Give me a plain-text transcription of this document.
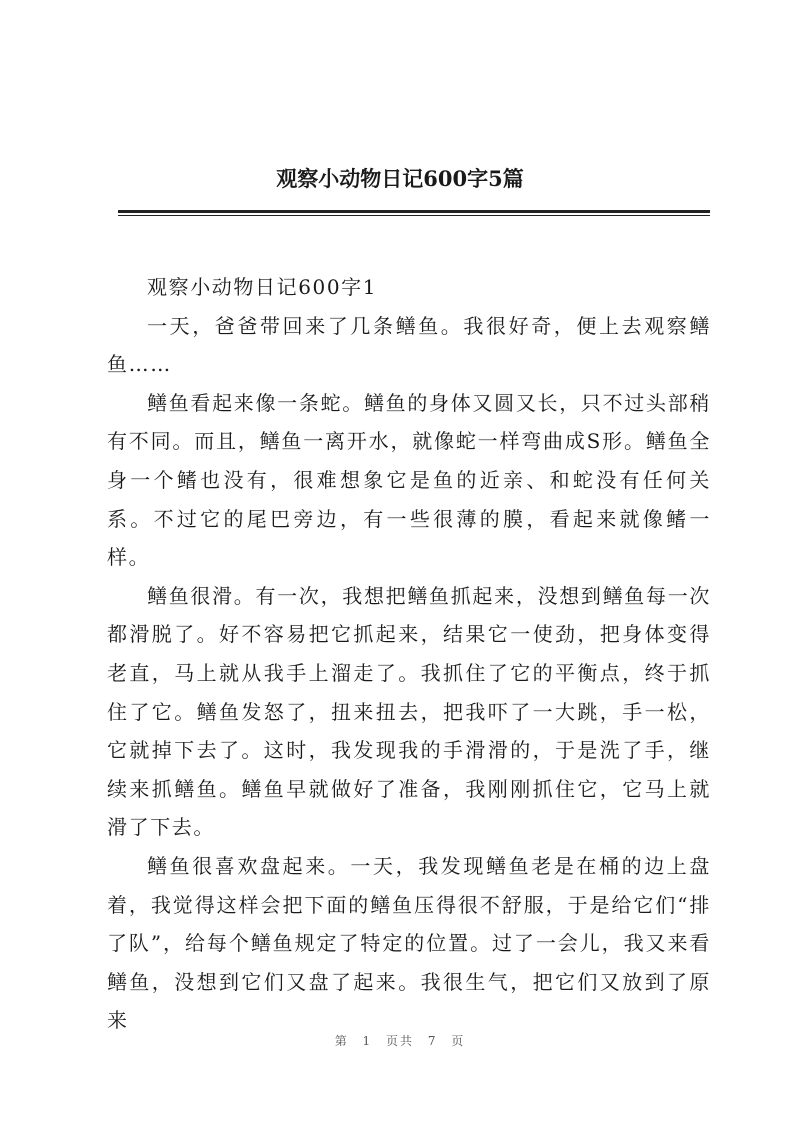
观察小动物日记600字5篇

观察小动物日记600字1

一天，爸爸带回来了几条鳝鱼。我很好奇，便上去观察鳝鱼……

鳝鱼看起来像一条蛇。鳝鱼的身体又圆又长，只不过头部稍有不同。而且，鳝鱼一离开水，就像蛇一样弯曲成S形。鳝鱼全身一个鳍也没有，很难想象它是鱼的近亲、和蛇没有任何关系。不过它的尾巴旁边，有一些很薄的膜，看起来就像鳍一样。

鳝鱼很滑。有一次，我想把鳝鱼抓起来，没想到鳝鱼每一次都滑脱了。好不容易把它抓起来，结果它一使劲，把身体变得老直，马上就从我手上溜走了。我抓住了它的平衡点，终于抓住了它。鳝鱼发怒了，扭来扭去，把我吓了一大跳，手一松，它就掉下去了。这时，我发现我的手滑滑的，于是洗了手，继续来抓鳝鱼。鳝鱼早就做好了准备，我刚刚抓住它，它马上就滑了下去。

鳝鱼很喜欢盘起来。一天，我发现鳝鱼老是在桶的边上盘着，我觉得这样会把下面的鳝鱼压得很不舒服，于是给它们“排了队”，给每个鳝鱼规定了特定的位置。过了一会儿，我又来看鳝鱼，没想到它们又盘了起来。我很生气，把它们又放到了原来

第 1 页共 7 页
